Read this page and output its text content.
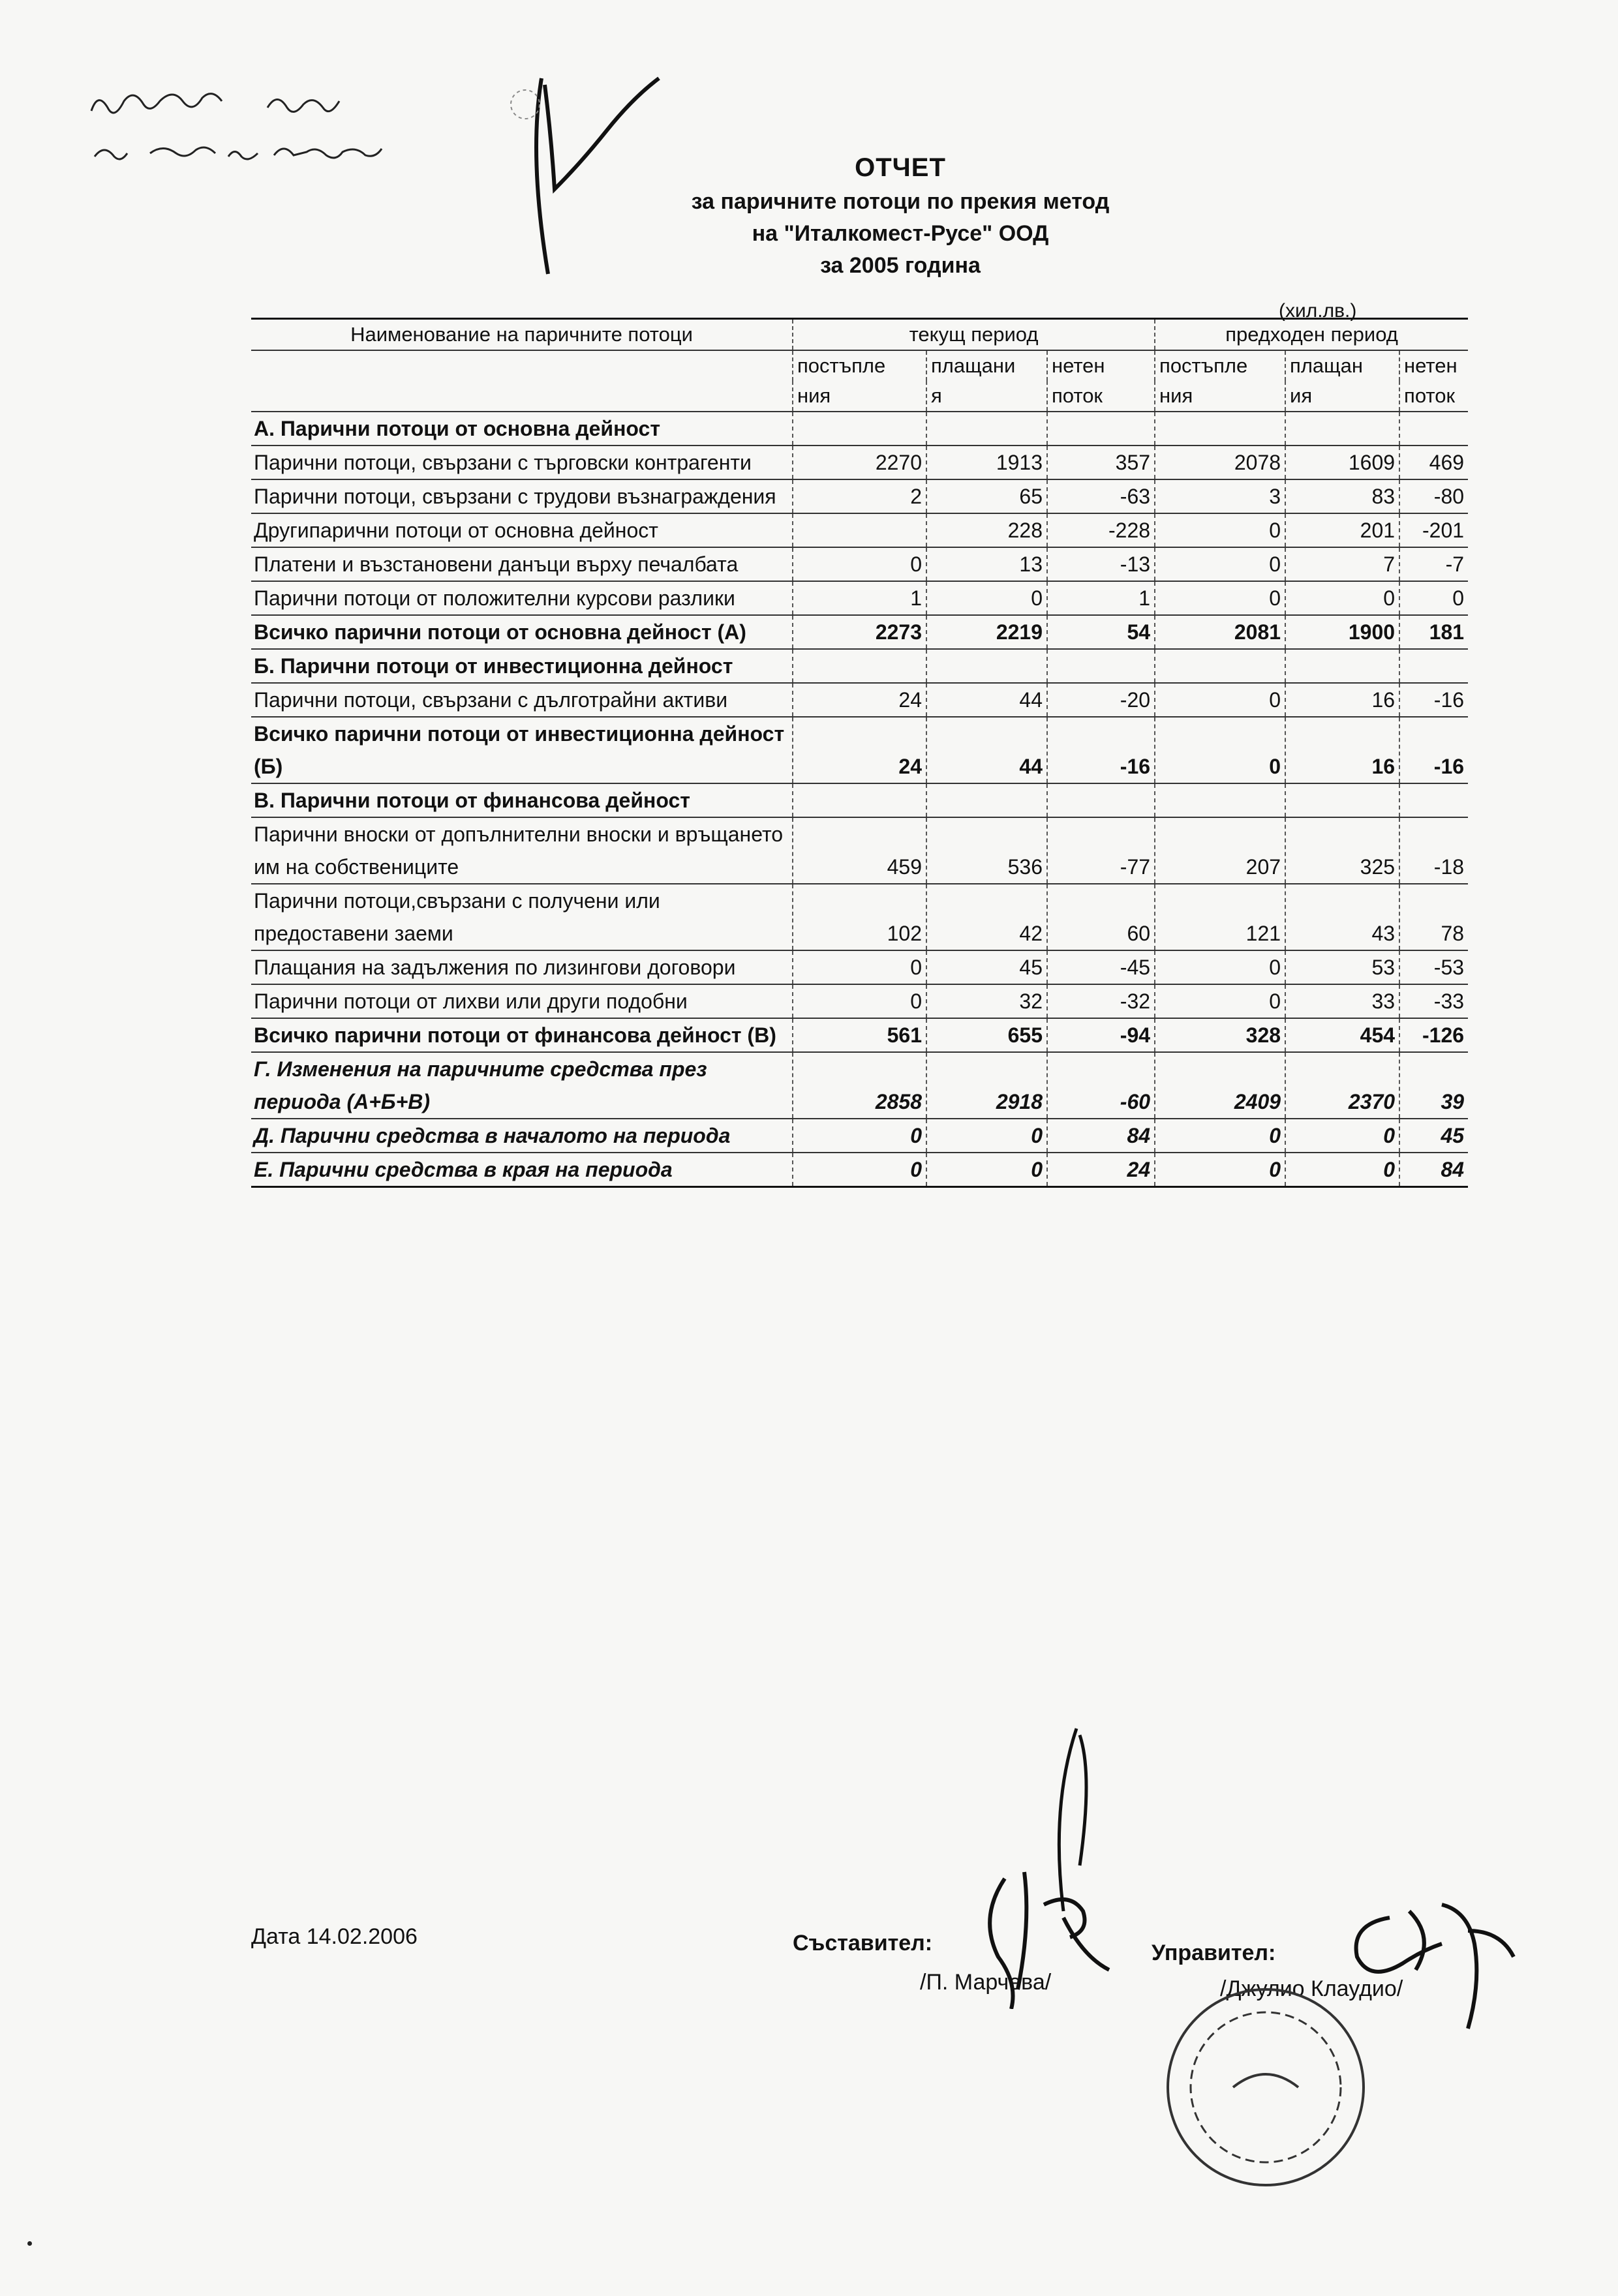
ОТЧЕТ
за паричните потоци по прекия метод
на "Италкомест-Русе" ООД
за 2005 година
(хил.лв.)
Наименование на паричните потоци	текущ период			предходен период		
	постъпле	плащани	нетен	постъпле	плащан	нетен
	ния	я	поток	ния	ия	поток
А. Парични потоци от основна дейност						
Парични потоци, свързани с търговски контрагенти	2270	1913	357	2078	1609	469
Парични потоци, свързани с трудови възнаграждения	2	65	-63	3	83	-80
Другипарични потоци от основна дейност		228	-228	0	201	-201
Платени и възстановени данъци върху печалбата	0	13	-13	0	7	-7
Парични потоци от положителни курсови разлики	1	0	1	0	0	0
Всичко парични потоци от основна дейност (А)	2273	2219	54	2081	1900	181
Б. Парични потоци от инвестиционна дейност						
Парични потоци, свързани с дълготрайни активи	24	44	-20	0	16	-16
Всичко парични потоци от инвестиционна дейност (Б)	24	44	-16	0	16	-16
В. Парични потоци от финансова дейност						
Парични вноски от допълнителни вноски и връщането им на собствениците	459	536	-77	207	325	-18
Парични потоци,свързани с получени или предоставени заеми	102	42	60	121	43	78
Плащания на задължения по лизингови договори	0	45	-45	0	53	-53
Парични потоци от лихви или други подобни	0	32	-32	0	33	-33
Всичко парични потоци от финансова дейност (В)	561	655	-94	328	454	-126
Г. Изменения на паричните средства през периода (А+Б+В)	2858	2918	-60	2409	2370	39
Д. Парични средства в началото на периода	0	0	84	0	0	45
Е. Парични средства в края на периода	0	0	24	0	0	84
Дата 14.02.2006	Съставител:
/П. Марчева/
Управител:
/Джулио Клаудио/
